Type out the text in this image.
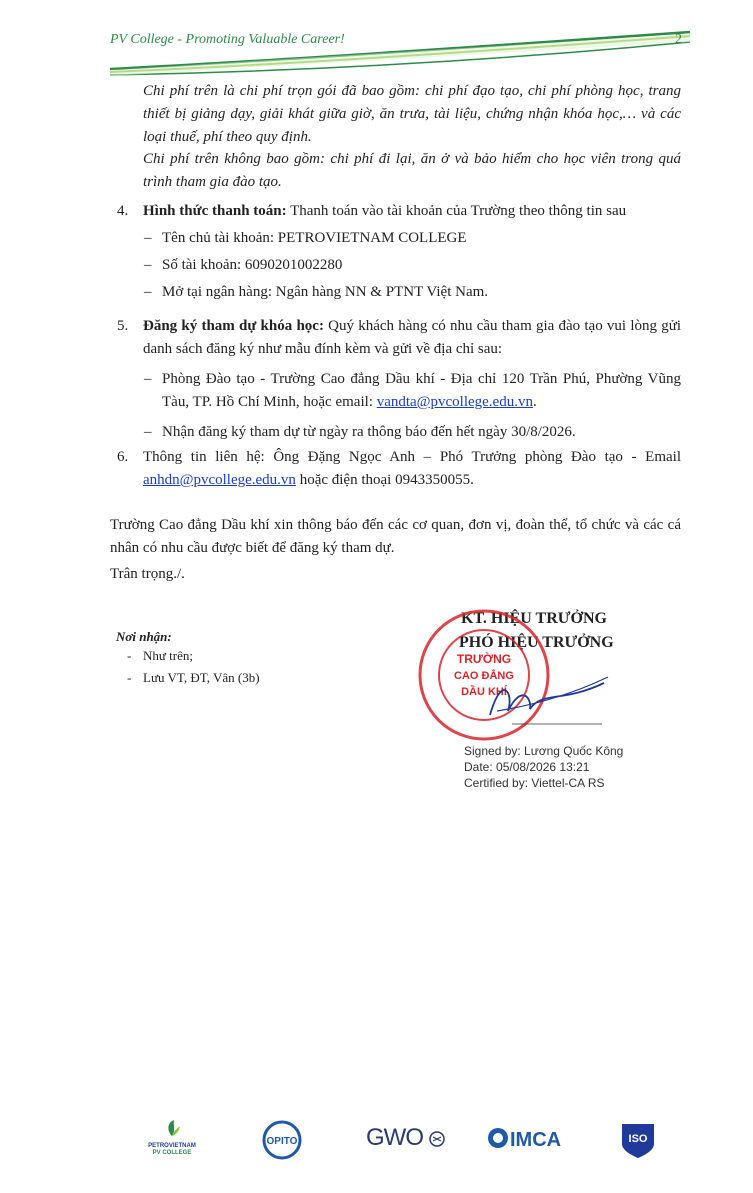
PV College - Promoting Valuable Career!	2
Chi phí trên là chi phí trọn gói đã bao gồm: chi phí đạo tạo, chi phí phòng học, trang thiết bị giảng dạy, giải khát giữa giờ, ăn trưa, tài liệu, chứng nhận khóa học,… và các loại thuế, phí theo quy định.
Chi phí trên không bao gồm: chi phí đi lại, ăn ở và bảo hiểm cho học viên trong quá trình tham gia đào tạo.
4. Hình thức thanh toán: Thanh toán vào tài khoản của Trường theo thông tin sau
– Tên chủ tài khoản: PETROVIETNAM COLLEGE
– Số tài khoản: 6090201002280
– Mở tại ngân hàng: Ngân hàng NN & PTNT Việt Nam.
5. Đăng ký tham dự khóa học: Quý khách hàng có nhu cầu tham gia đào tạo vui lòng gửi danh sách đăng ký như mẫu đính kèm và gửi về địa chỉ sau:
– Phòng Đào tạo - Trường Cao đẳng Dầu khí - Địa chỉ 120 Trần Phú, Phường Vũng Tàu, TP. Hồ Chí Minh, hoặc email: vandta@pvcollege.edu.vn.
– Nhận đăng ký tham dự từ ngày ra thông báo đến hết ngày 30/8/2026.
6. Thông tin liên hệ: Ông Đặng Ngọc Anh – Phó Trưởng phòng Đào tạo - Email anhdn@pvcollege.edu.vn hoặc điện thoại 0943350055.
Trường Cao đẳng Dầu khí xin thông báo đến các cơ quan, đơn vị, đoàn thể, tổ chức và các cá nhân có nhu cầu được biết để đăng ký tham dự.
Trân trọng./.
KT. HIỆU TRƯỞNG
PHÓ HIỆU TRƯỞNG
TRƯỜNG
CAO ĐẲNG
DẦU KHÍ
Signed by: Lương Quốc Kông
Date: 05/08/2026 13:21
Certified by: Viettel-CA RS
Nơi nhận:
- Như trên;
- Lưu VT, ĐT, Vân (3b)
PETROVIETNAM
PV COLLEGE
OPITO	GWO	IMCA	ISO
